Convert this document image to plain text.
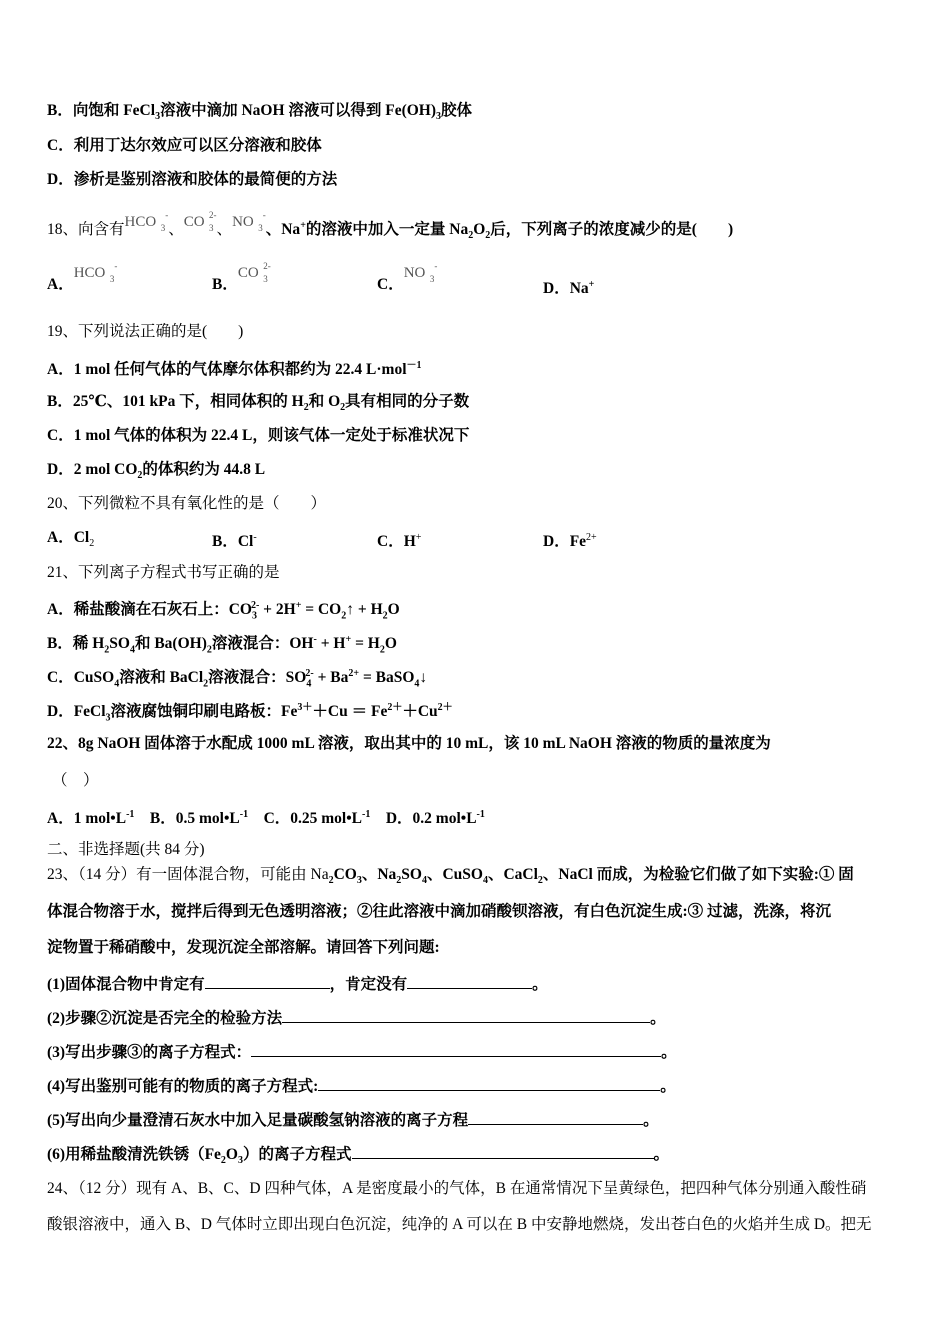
B．向饱和 FeCl$_3$溶液中滴加 NaOH 溶液可以得到 $Fe(OH)_3$胶体
C．利用丁达尔效应可以区分溶液和胶体
D．渗析是鉴别溶液和胶体的最简便的方法
18、向含有HCO -
3 、CO 2-
3 、NO -
3 、Na+的溶液中加入一定量 $Na_2O_2$后，下列离子的浓度减少的是(　　)
A．HCO -
3	B．CO 2-
3	C．NO -
3
D．Na+
19、下列说法正确的是(　　)
A．1 mol 任何气体的气体摩尔体积都约为 22.4 L·mol$^{-1}$
B．25℃、101 kPa 下，相同体积的 $H_2$和 $O_2$具有相同的分子数
C．1 mol 气体的体积为 22.4 L，则该气体一定处于标准状况下
D．2 mol $CO_2$的体积约为 44.8 L
20、下列微粒不具有氧化性的是（　　）
A．$Cl_2$	B．Cl-	C．H+	D．$Fe^{2+}$
21、下列离子方程式书写正确的是
A．稀盐酸滴在石灰石上：$CO_3^{2-} + 2H^+$ = $CO_2↑ + H_2O$
B．稀 $H_2SO_4$和 $Ba(OH)_2$溶液混合：$OH^- + H^+ = H_2O$
C．CuSO$_4$溶液和 BaCl$_2$溶液混合：$SO_4^{2-} + Ba^{2+}$ = BaSO$_4$↓
D．FeCl$_3$溶液腐蚀铜印刷电路板：$Fe^{3+}+Cu = Fe^{2+}+Cu^{2+}$
22、8g NaOH 固体溶于水配成 1000 mL 溶液，取出其中的 10 mL，该 10 mL NaOH 溶液的物质的量浓度为
（　）
A．1 $mol•L^{-1}$ B．0.5 $mol•L^{-1}$ C．0.25 $mol•L^{-1}$ D．0.2 $mol•L^{-1}$
二、非选择题(共 84 分)
23、（14 分）有一固体混合物，可能由 $Na_2CO_3$、$Na_2SO_4$、CuSO$_4$、CaCl$_2$、NaCl 而成，为检验它们做了如下实验:① 固
体混合物溶于水，搅拌后得到无色透明溶液；②往此溶液中滴加硝酸钡溶液，有白色沉淀生成:③ 过滤，洗涤，将沉
淀物置于稀硝酸中，发现沉淀全部溶解。请回答下列问题:
(1)固体混合物中肯定有	，肯定没有	。
(2)步骤②沉淀是否完全的检验方法	。
(3)写出步骤③的离子方程式：	。
(4)写出鉴别可能有的物质的离子方程式:	。
(5)写出向少量澄清石灰水中加入足量碳酸氢钠溶液的离子方程	。
(6)用稀盐酸清洗铁锈$(Fe_2O_3)$的离子方程式	。
24、（12 分）现有 A、B、C、D 四种气体，A 是密度最小的气体，B 在通常情况下呈黄绿色，把四种气体分别通入酸性硝
酸银溶液中，通入 B、D 气体时立即出现白色沉淀，纯净的 A 可以在 B 中安静地燃烧，发出苍白色的火焰并生成 D。把无
